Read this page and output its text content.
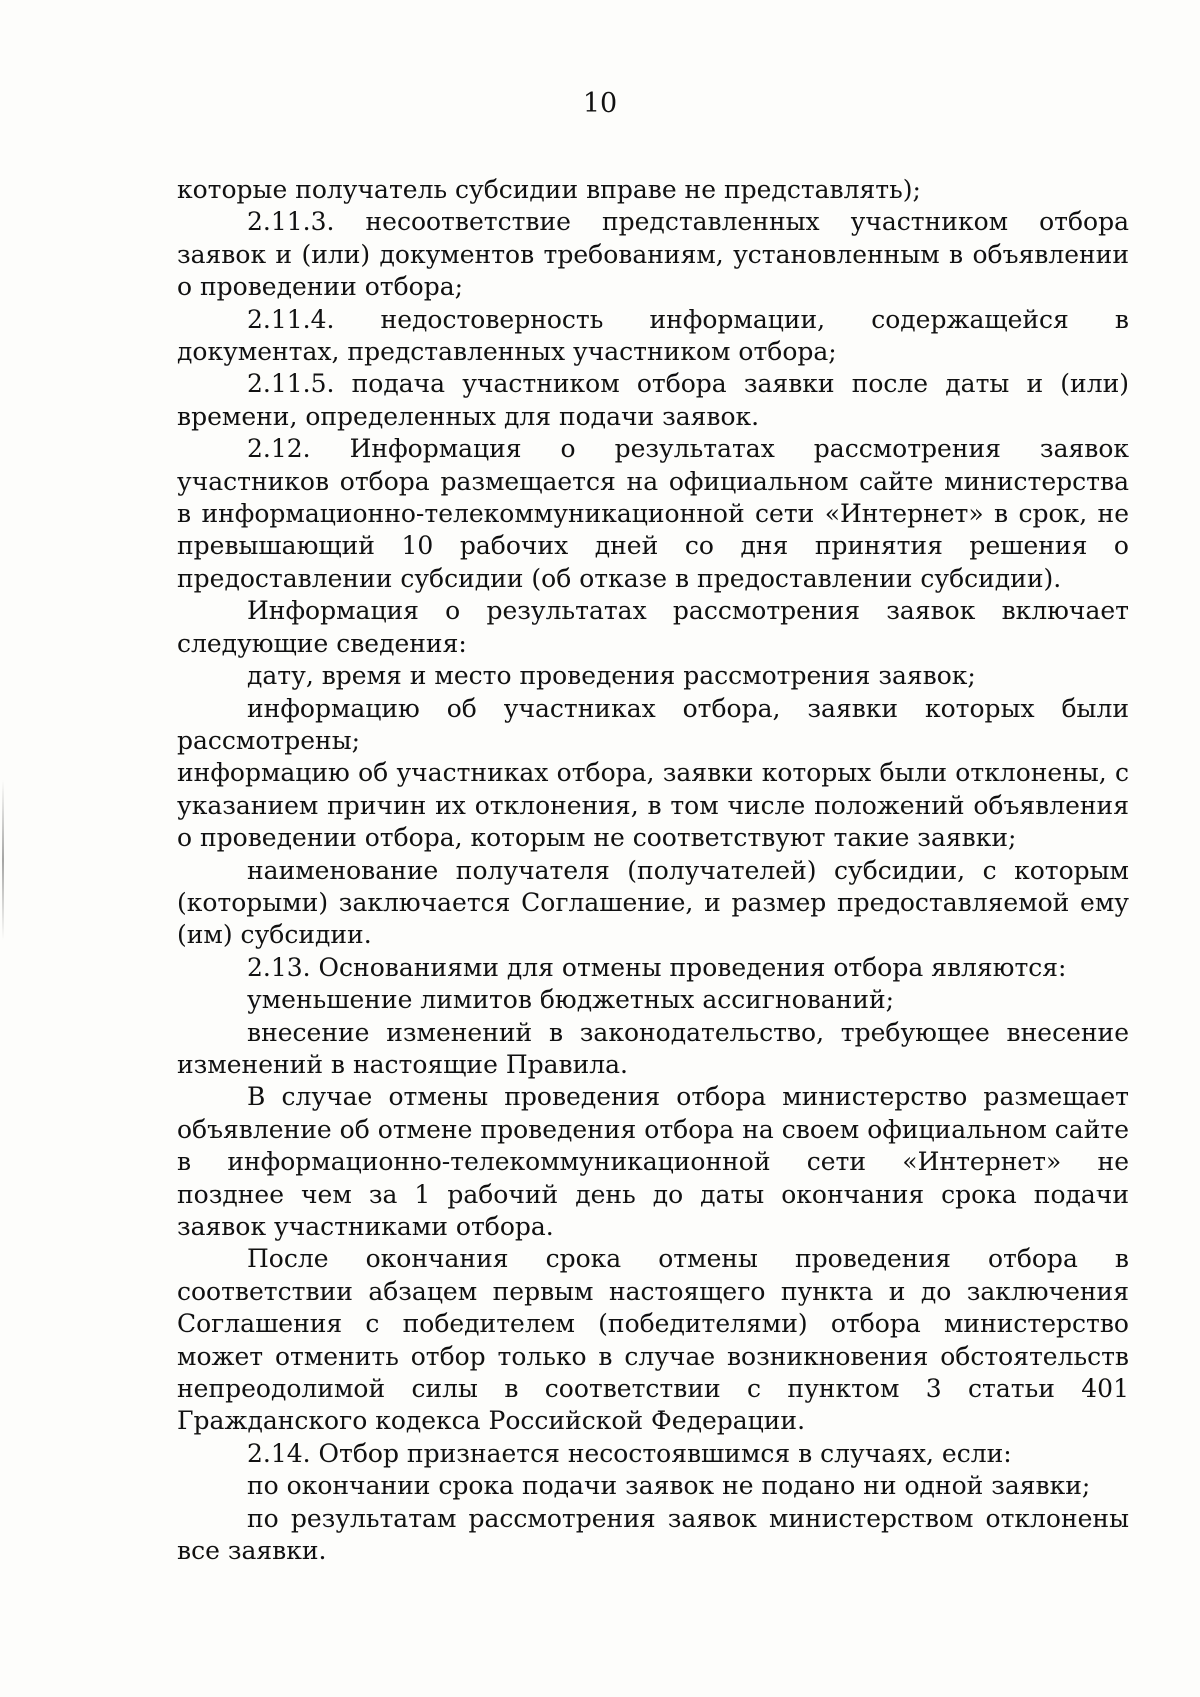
10

которые получатель субсидии вправе не представлять);

2.11.3. несоответствие представленных участником отбора заявок и (или) документов требованиям, установленным в объявлении о проведении отбора;

2.11.4. недостоверность информации, содержащейся в документах, представленных участником отбора;

2.11.5. подача участником отбора заявки после даты и (или) времени, определенных для подачи заявок.

2.12. Информация о результатах рассмотрения заявок участников отбора размещается на официальном сайте министерства в информационно-телекоммуникационной сети «Интернет» в срок, не превышающий 10 рабочих дней со дня принятия решения о предоставлении субсидии (об отказе в предоставлении субсидии).

Информация о результатах рассмотрения заявок включает следующие сведения:

дату, время и место проведения рассмотрения заявок;

информацию об участниках отбора, заявки которых были рассмотрены;

информацию об участниках отбора, заявки которых были отклонены, с указанием причин их отклонения, в том числе положений объявления о проведении отбора, которым не соответствуют такие заявки;

наименование получателя (получателей) субсидии, с которым (которыми) заключается Соглашение, и размер предоставляемой ему (им) субсидии.

2.13. Основаниями для отмены проведения отбора являются:

уменьшение лимитов бюджетных ассигнований;

внесение изменений в законодательство, требующее внесение изменений в настоящие Правила.

В случае отмены проведения отбора министерство размещает объявление об отмене проведения отбора на своем официальном сайте в информационно-телекоммуникационной сети «Интернет» не позднее чем за 1 рабочий день до даты окончания срока подачи заявок участниками отбора.

После окончания срока отмены проведения отбора в соответствии абзацем первым настоящего пункта и до заключения Соглашения с победителем (победителями) отбора министерство может отменить отбор только в случае возникновения обстоятельств непреодолимой силы в соответствии с пунктом 3 статьи 401 Гражданского кодекса Российской Федерации.

2.14. Отбор признается несостоявшимся в случаях, если:

по окончании срока подачи заявок не подано ни одной заявки;

по результатам рассмотрения заявок министерством отклонены все заявки.
